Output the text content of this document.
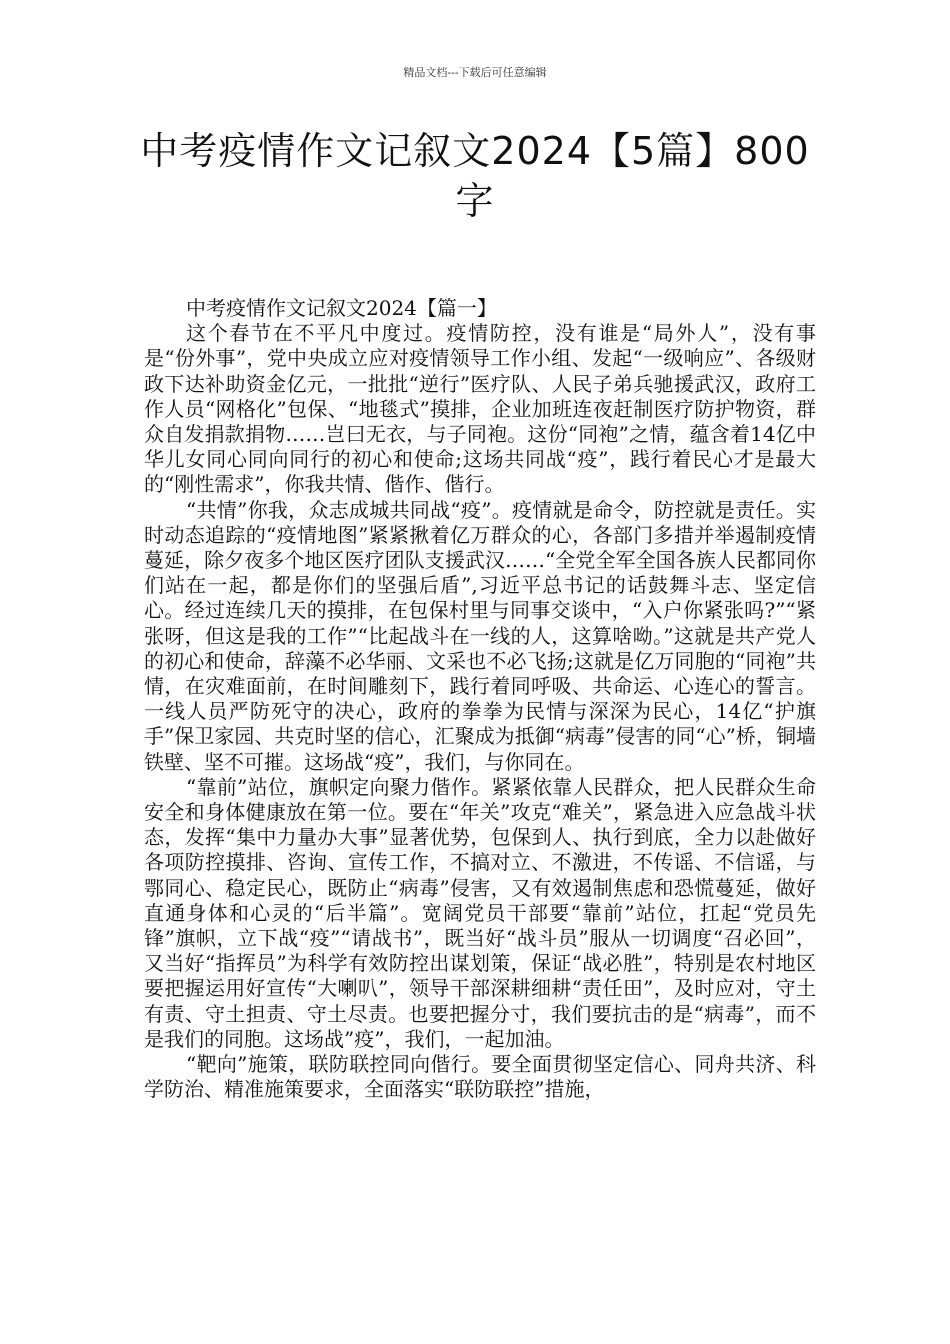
精品文档---下载后可任意编辑
中考疫情作文记叙文2024【5篇】800字

中考疫情作文记叙文2024【篇一】

这个春节在不平凡中度过。疫情防控，没有谁是“局外人”，没有事是“份外事”，党中央成立应对疫情领导工作小组、发起“一级响应”、各级财政下达补助资金亿元，一批批“逆行”医疗队、人民子弟兵驰援武汉，政府工作人员“网格化”包保、“地毯式”摸排，企业加班连夜赶制医疗防护物资，群众自发捐款捐物……岂曰无衣，与子同袍。这份“同袍”之情，蕴含着14亿中华儿女同心同向同行的初心和使命;这场共同战“疫”，践行着民心才是最大的“刚性需求”，你我共情、偕作、偕行。

“共情”你我，众志成城共同战“疫”。疫情就是命令，防控就是责任。实时动态追踪的“疫情地图”紧紧揪着亿万群众的心，各部门多措并举遏制疫情蔓延，除夕夜多个地区医疗团队支援武汉……“全党全军全国各族人民都同你们站在一起，都是你们的坚强后盾”,习近平总书记的话鼓舞斗志、坚定信心。经过连续几天的摸排，在包保村里与同事交谈中，“入户你紧张吗?”“紧张呀，但这是我的工作”“比起战斗在一线的人，这算啥呦。”这就是共产党人的初心和使命，辞藻不必华丽、文采也不必飞扬;这就是亿万同胞的“同袍”共情，在灾难面前，在时间雕刻下，践行着同呼吸、共命运、心连心的誓言。一线人员严防死守的决心，政府的拳拳为民情与深深为民心，14亿“护旗手”保卫家园、共克时坚的信心，汇聚成为抵御“病毒”侵害的同“心”桥，铜墙铁壁、坚不可摧。这场战“疫”，我们，与你同在。

“靠前”站位，旗帜定向聚力偕作。紧紧依靠人民群众，把人民群众生命安全和身体健康放在第一位。要在“年关”攻克“难关”，紧急进入应急战斗状态，发挥“集中力量办大事”显著优势，包保到人、执行到底，全力以赴做好各项防控摸排、咨询、宣传工作，不搞对立、不激进，不传谣、不信谣，与鄂同心、稳定民心，既防止“病毒”侵害，又有效遏制焦虑和恐慌蔓延，做好直通身体和心灵的“后半篇”。宽阔党员干部要“靠前”站位，扛起“党员先锋”旗帜，立下战“疫”“请战书”，既当好“战斗员”服从一切调度“召必回”，又当好“指挥员”为科学有效防控出谋划策，保证“战必胜”，特别是农村地区要把握运用好宣传“大喇叭”，领导干部深耕细耕“责任田”，及时应对，守土有责、守土担责、守土尽责。也要把握分寸，我们要抗击的是“病毒”，而不是我们的同胞。这场战”疫”，我们，一起加油。

“靶向”施策，联防联控同向偕行。要全面贯彻坚定信心、同舟共济、科学防治、精准施策要求，全面落实“联防联控”措施，
